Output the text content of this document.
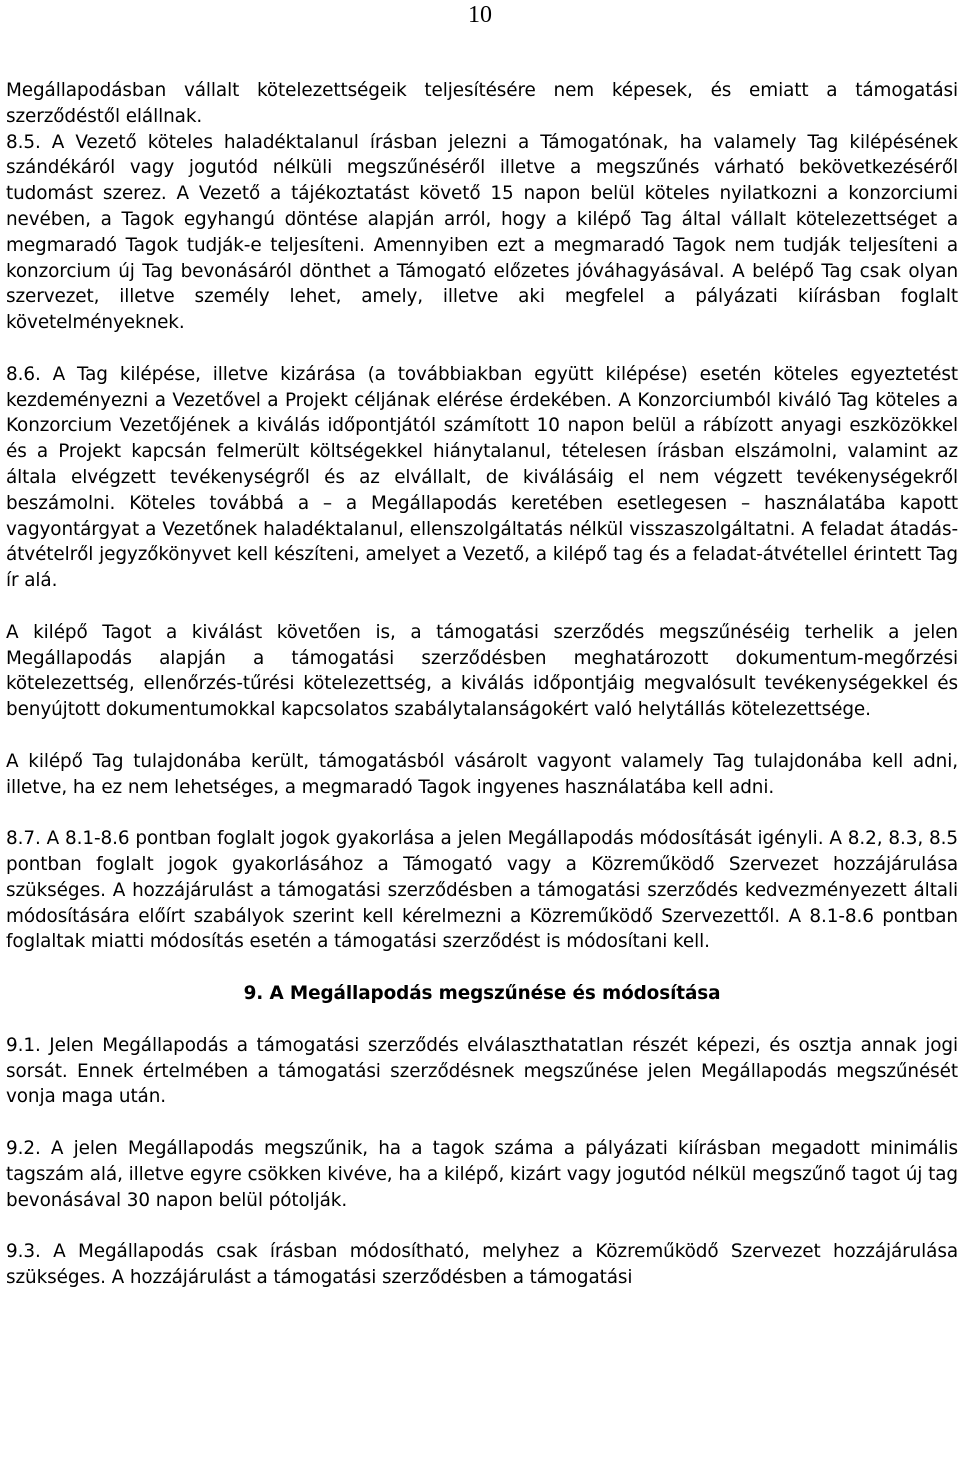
10

Megállapodásban vállalt kötelezettségeik teljesítésére nem képesek, és emiatt a támogatási szerződéstől elállnak.

8.5. A Vezető köteles haladéktalanul írásban jelezni a Támogatónak, ha valamely Tag kilépésének szándékáról vagy jogutód nélküli megszűnéséről illetve a megszűnés várható bekövetkezéséről tudomást szerez. A Vezető a tájékoztatást követő 15 napon belül köteles nyilatkozni a konzorciumi nevében, a Tagok egyhangú döntése alapján arról, hogy a kilépő Tag által vállalt kötelezettséget a megmaradó Tagok tudják-e teljesíteni. Amennyiben ezt a megmaradó Tagok nem tudják teljesíteni a konzorcium új Tag bevonásáról dönthet a Támogató előzetes jóváhagyásával. A belépő Tag csak olyan szervezet, illetve személy lehet, amely, illetve aki megfelel a pályázati kiírásban foglalt követelményeknek.

8.6. A Tag kilépése, illetve kizárása (a továbbiakban együtt kilépése) esetén köteles egyeztetést kezdeményezni a Vezetővel a Projekt céljának elérése érdekében. A Konzorciumból kiváló Tag köteles a Konzorcium Vezetőjének a kiválás időpontjától számított 10 napon belül a rábízott anyagi eszközökkel és a Projekt kapcsán felmerült költségekkel hiánytalanul, tételesen írásban elszámolni, valamint az általa elvégzett tevékenységről és az elvállalt, de kiválásáig el nem végzett tevékenységekről beszámolni. Köteles továbbá a – a Megállapodás keretében esetlegesen – használatába kapott vagyontárgyat a Vezetőnek haladéktalanul, ellenszolgáltatás nélkül visszaszolgáltatni. A feladat átadás-átvételről jegyzőkönyvet kell készíteni, amelyet a Vezető, a kilépő tag és a feladat-átvétellel érintett Tag ír alá.

A kilépő Tagot a kiválást követően is, a támogatási szerződés megszűnéséig terhelik a jelen Megállapodás alapján a támogatási szerződésben meghatározott dokumentum-megőrzési kötelezettség, ellenőrzés-tűrési kötelezettség, a kiválás időpontjáig megvalósult tevékenységekkel és benyújtott dokumentumokkal kapcsolatos szabálytalanságokért való helytállás kötelezettsége.

A kilépő Tag tulajdonába került, támogatásból vásárolt vagyont valamely Tag tulajdonába kell adni, illetve, ha ez nem lehetséges, a megmaradó Tagok ingyenes használatába kell adni.

8.7. A 8.1-8.6 pontban foglalt jogok gyakorlása a jelen Megállapodás módosítását igényli. A 8.2, 8.3, 8.5 pontban foglalt jogok gyakorlásához a Támogató vagy a Közreműködő Szervezet hozzájárulása szükséges. A hozzájárulást a támogatási szerződésben a támogatási szerződés kedvezményezett általi módosítására előírt szabályok szerint kell kérelmezni a Közreműködő Szervezettől. A 8.1-8.6 pontban foglaltak miatti módosítás esetén a támogatási szerződést is módosítani kell.

9. A Megállapodás megszűnése és módosítása

9.1. Jelen Megállapodás a támogatási szerződés elválaszthatatlan részét képezi, és osztja annak jogi sorsát. Ennek értelmében a támogatási szerződésnek megszűnése jelen Megállapodás megszűnését vonja maga után.

9.2. A jelen Megállapodás megszűnik, ha a tagok száma a pályázati kiírásban megadott minimális tagszám alá, illetve egyre csökken kivéve, ha a kilépő, kizárt vagy jogutód nélkül megszűnő tagot új tag bevonásával 30 napon belül pótolják.

9.3. A Megállapodás csak írásban módosítható, melyhez a Közreműködő Szervezet hozzájárulása szükséges. A hozzájárulást a támogatási szerződésben a támogatási
